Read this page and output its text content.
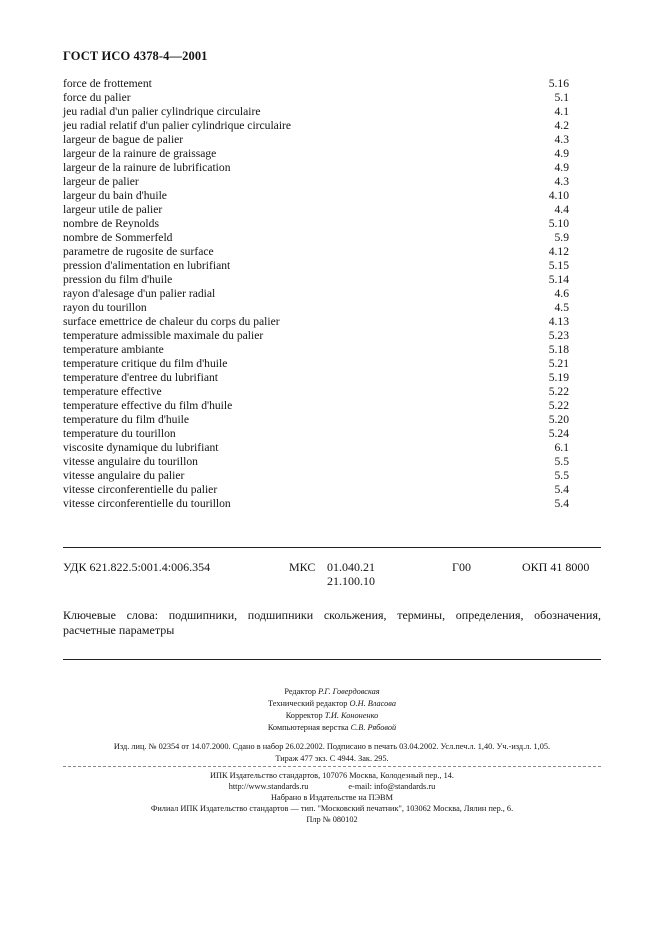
ГОСТ ИСО 4378-4—2001
force de frottement	5.16
force du palier	5.1
jeu radial d'un palier cylindrique circulaire	4.1
jeu radial relatif d'un palier cylindrique circulaire	4.2
largeur de bague de palier	4.3
largeur de la rainure de graissage	4.9
largeur de la rainure de lubrification	4.9
largeur de palier	4.3
largeur du bain d'huile	4.10
largeur utile de palier	4.4
nombre de Reynolds	5.10
nombre de Sommerfeld	5.9
parametre de rugosite de surface	4.12
pression d'alimentation en lubrifiant	5.15
pression du film d'huile	5.14
rayon d'alesage d'un palier radial	4.6
rayon du tourillon	4.5
surface emettrice de chaleur du corps du palier	4.13
temperature admissible maximale du palier	5.23
temperature ambiante	5.18
temperature critique du film d'huile	5.21
temperature d'entree du lubrifiant	5.19
temperature effective	5.22
temperature effective du film d'huile	5.22
temperature du film d'huile	5.20
temperature du tourillon	5.24
viscosite dynamique du lubrifiant	6.1
vitesse angulaire du tourillon	5.5
vitesse angulaire du palier	5.5
vitesse circonferentielle du palier	5.4
vitesse circonferentielle du tourillon	5.4
УДК 621.822.5:001.4:006.354	МКС 01.040.21
21.100.10
Г00	ОКП 41 8000
Ключевые слова: подшипники, подшипники скольжения, термины, определения, обозначения, расчетные параметры
Редактор Р.Г. Говердовская
Технический редактор О.Н. Власова
Корректор Т.И. Кононенко
Компьютерная верстка С.В. Рябовой
Изд. лиц. № 02354 от 14.07.2000. Сдано в набор 26.02.2002. Подписано в печать 03.04.2002. Усл.печ.л. 1,40. Уч.-изд.л. 1,05.
Тираж 477 экз. С 4944. Зак. 295.
ИПК Издательство стандартов, 107076 Москва, Колодезный пер., 14.
http://www.standards.ru	e-mail: info@standards.ru
Набрано в Издательстве на ПЭВМ
Филиал ИПК Издательство стандартов — тип. "Московский печатник", 103062 Москва, Лялин пер., 6.
Плр № 080102
